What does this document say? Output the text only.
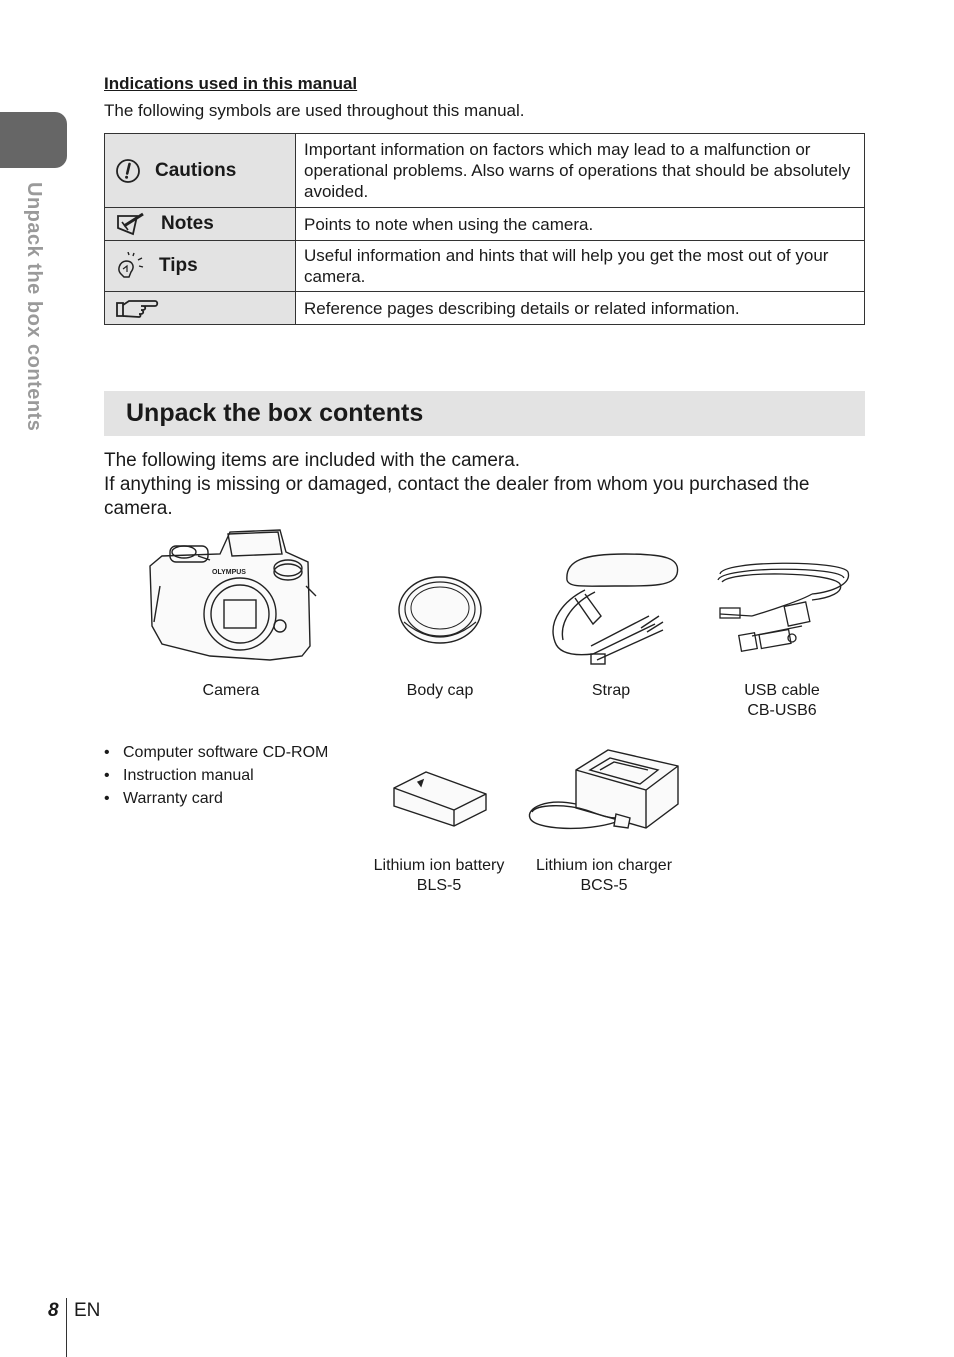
Unpack the box contents
Indications used in this manual
The following symbols are used throughout this manual.
Cautions	Important information on factors which may lead to a malfunction or operational problems. Also warns of operations that should be absolutely avoided.

Notes	Points to note when using the camera.

Tips	Useful information and hints that will help you get the most out of your camera.

	Reference pages describing details or related information.
Unpack the box contents

The following items are included with the camera.

If anything is missing or damaged, contact the dealer from whom you purchased the camera.

OLYMPUS
Camera	Body cap	Strap	USB cable
CB-USB6
• Computer software CD-ROM
• Instruction manual
• Warranty card
Lithium ion battery
BLS-5
Lithium ion charger
BCS-5
8 EN
